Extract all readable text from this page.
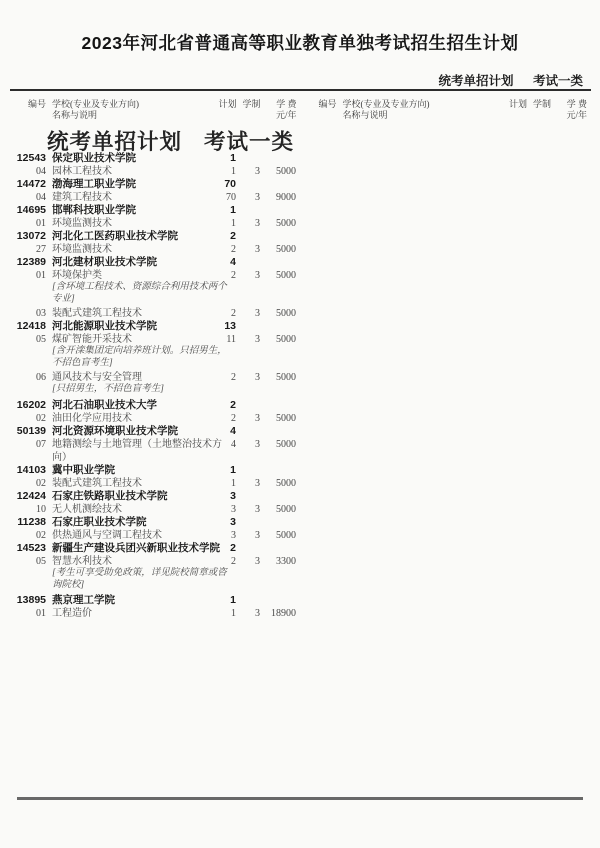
2023年河北省普通高等职业教育单独考试招生招生计划
统考单招计划 考试一类
编号 学校(专业及专业方向)
名称与说明
计划 学制 学 费
元/年
编号 学校(专业及专业方向)
名称与说明
计划 学制 学 费
元/年
统考单招计划 考试一类
12543 保定职业技术学院	1
04 园林工程技术	1 3 5000
14472 渤海理工职业学院	70
04 建筑工程技术	70 3 9000
14695 邯郸科技职业学院	1
01 环境监测技术	1 3 5000
13072 河北化工医药职业技术学院	2
27 环境监测技术	2 3 5000
12389 河北建材职业技术学院	4
01 环境保护类	2 3 5000
[含环境工程技术、资源综合利用技术两个专业]
03 装配式建筑工程技术	2 3 5000
12418 河北能源职业技术学院	13
05 煤矿智能开采技术	11 3 5000
[含开滦集团定向培养班计划。只招男生，不招色盲考生]
06 通风技术与安全管理	2 3 5000
[只招男生，不招色盲考生]
16202 河北石油职业技术大学	2
02 油田化学应用技术	2 3 5000
50139 河北资源环境职业技术学院	4
07 地籍测绘与土地管理（土地整治技术方向）
4 3 5000
14103 冀中职业学院	1
02 装配式建筑工程技术	1 3 5000
12424 石家庄铁路职业技术学院	3
10 无人机测绘技术	3 3 5000
11238 石家庄职业技术学院	3
02 供热通风与空调工程技术	3 3 5000
14523 新疆生产建设兵团兴新职业技术学院 2
05 智慧水利技术	2 3 3300
[考生可享受助免政策，详见院校简章或咨询院校]
13895 燕京理工学院	1
01 工程造价	1 3 18900
